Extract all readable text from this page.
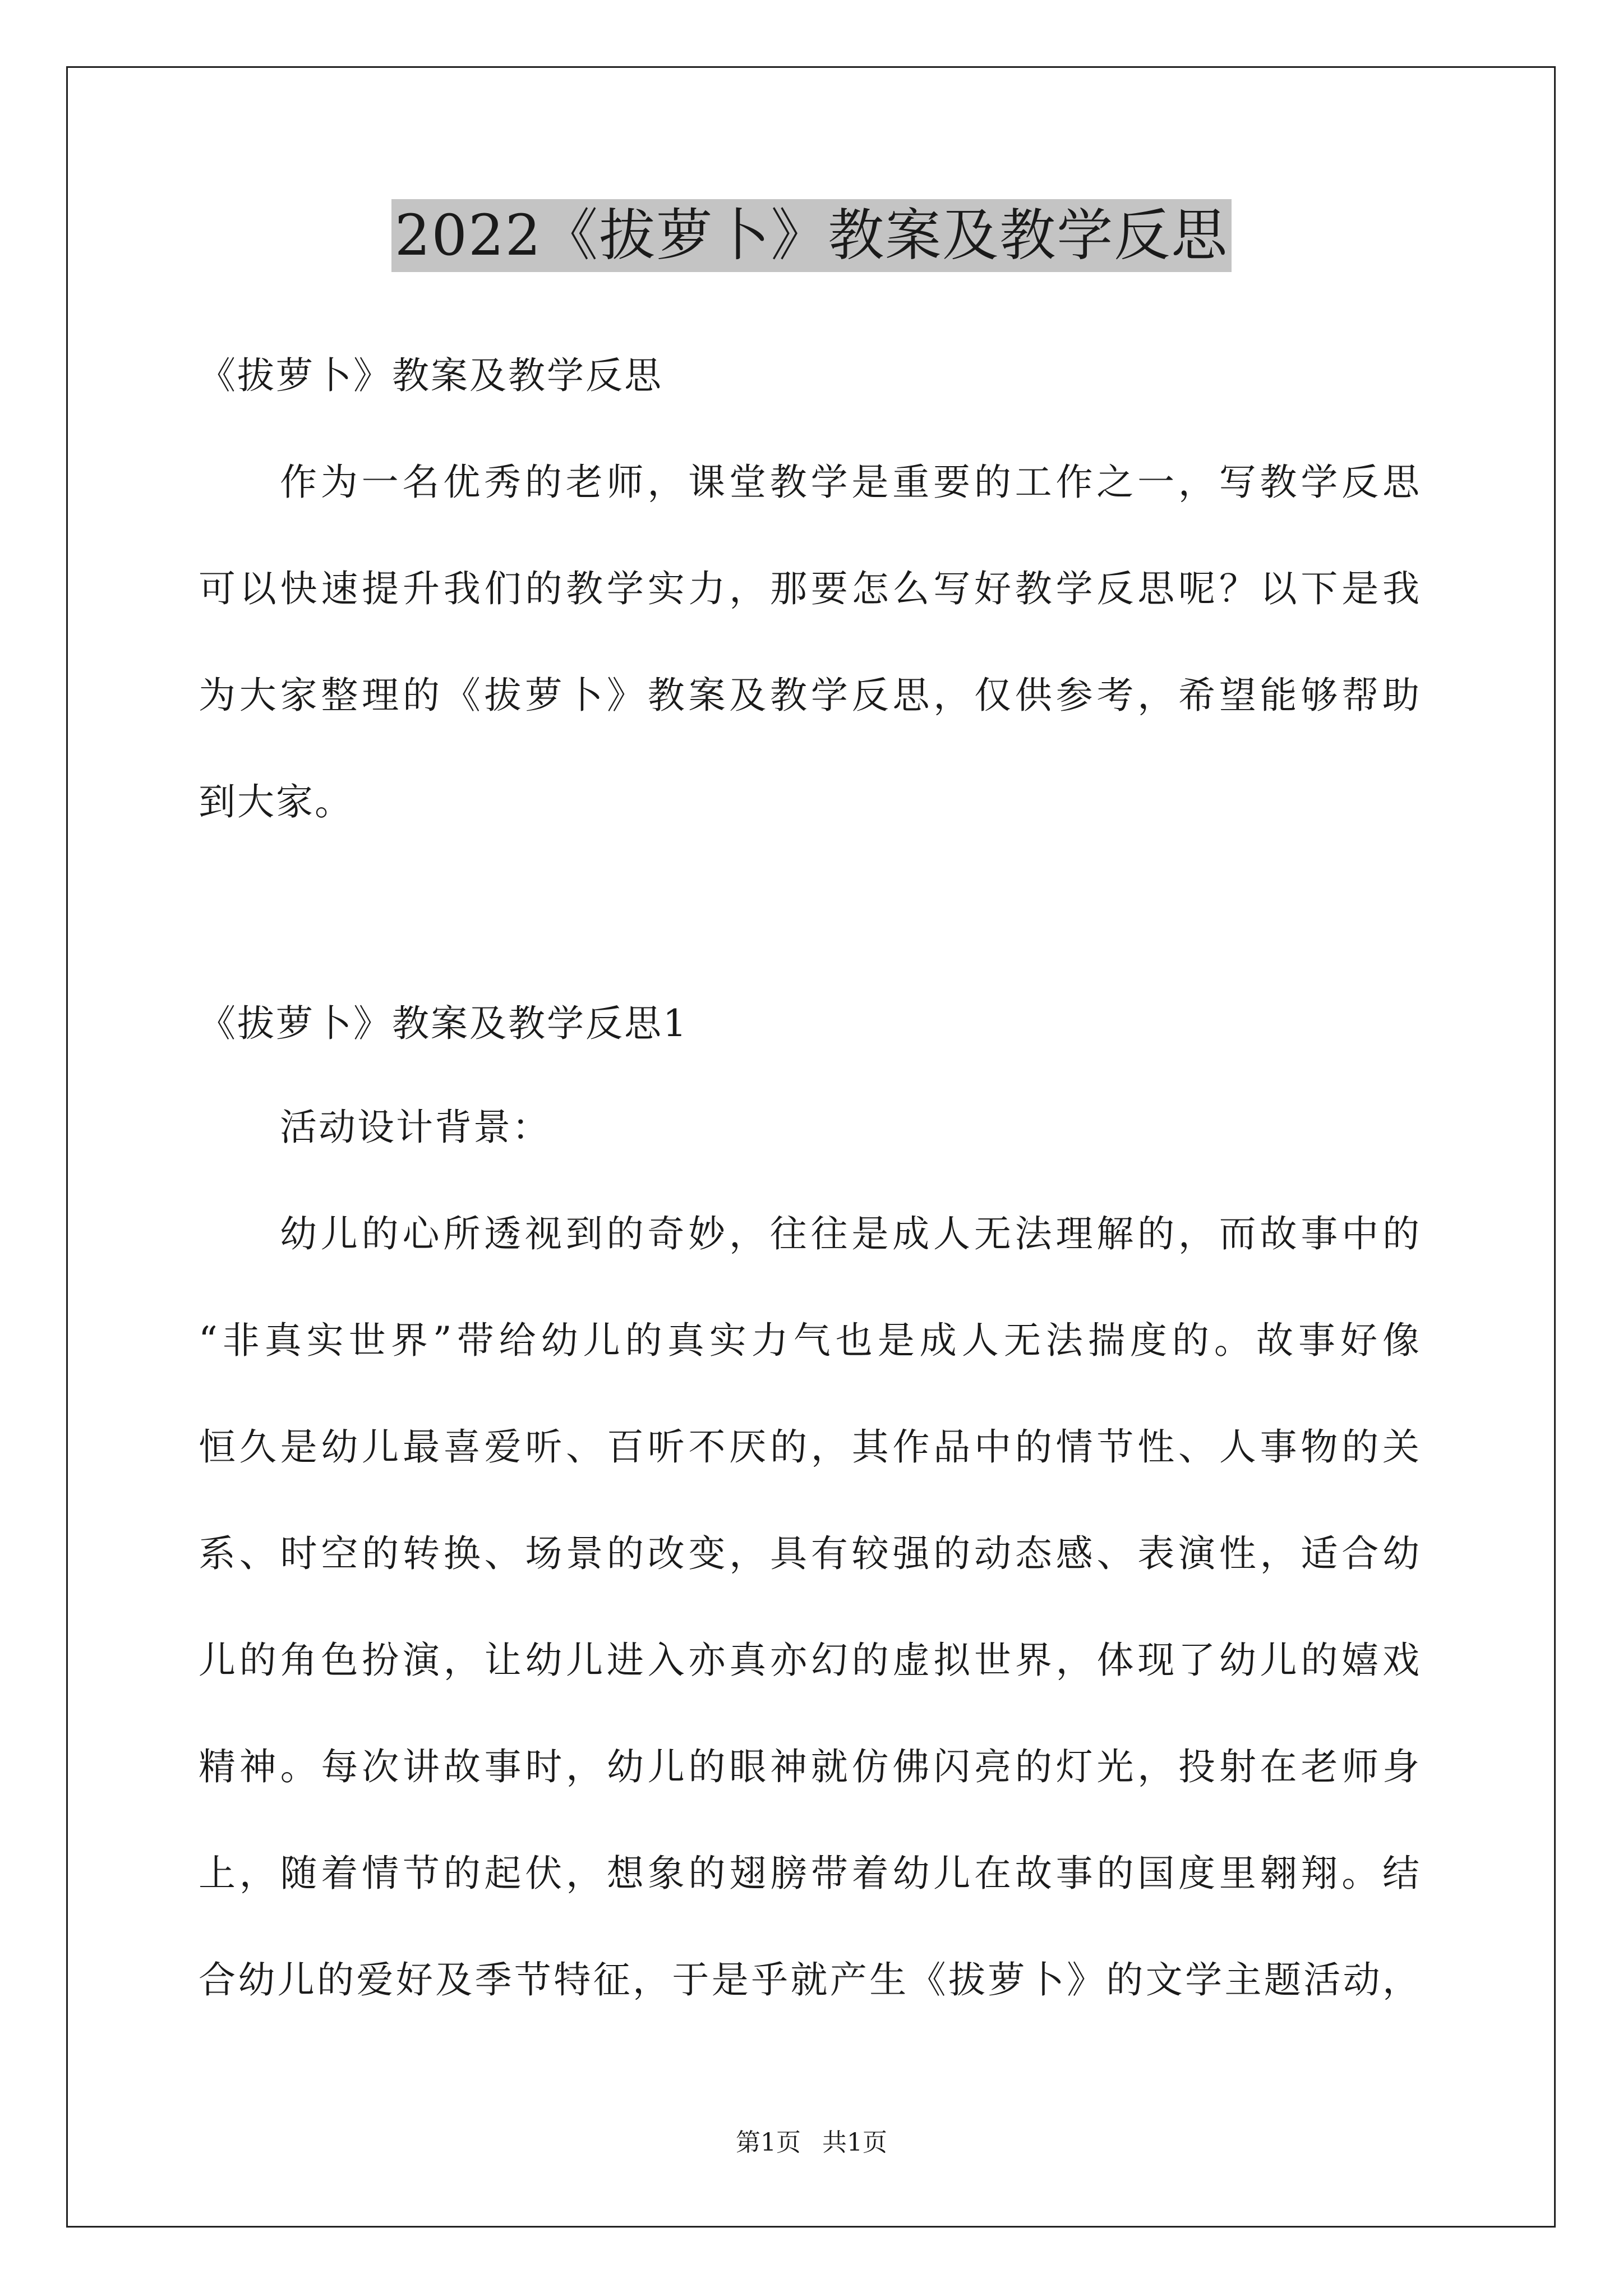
2022《拔萝卜》教案及教学反思
《拔萝卜》教案及教学反思
作为一名优秀的老师，课堂教学是重要的工作之一，写教学反思
可以快速提升我们的教学实力，那要怎么写好教学反思呢？以下是我
为大家整理的《拔萝卜》教案及教学反思，仅供参考，希望能够帮助
到大家。
《拔萝卜》教案及教学反思1
活动设计背景：
幼儿的心所透视到的奇妙，往往是成人无法理解的，而故事中的
“非真实世界”带给幼儿的真实力气也是成人无法揣度的。故事好像
恒久是幼儿最喜爱听、百听不厌的，其作品中的情节性、人事物的关
系、时空的转换、场景的改变，具有较强的动态感、表演性，适合幼
儿的角色扮演，让幼儿进入亦真亦幻的虚拟世界，体现了幼儿的嬉戏
精神。每次讲故事时，幼儿的眼神就仿佛闪亮的灯光，投射在老师身
上，随着情节的起伏，想象的翅膀带着幼儿在故事的国度里翱翔。结
合幼儿的爱好及季节特征，于是乎就产生《拔萝卜》的文学主题活动，
第1页 共1页
